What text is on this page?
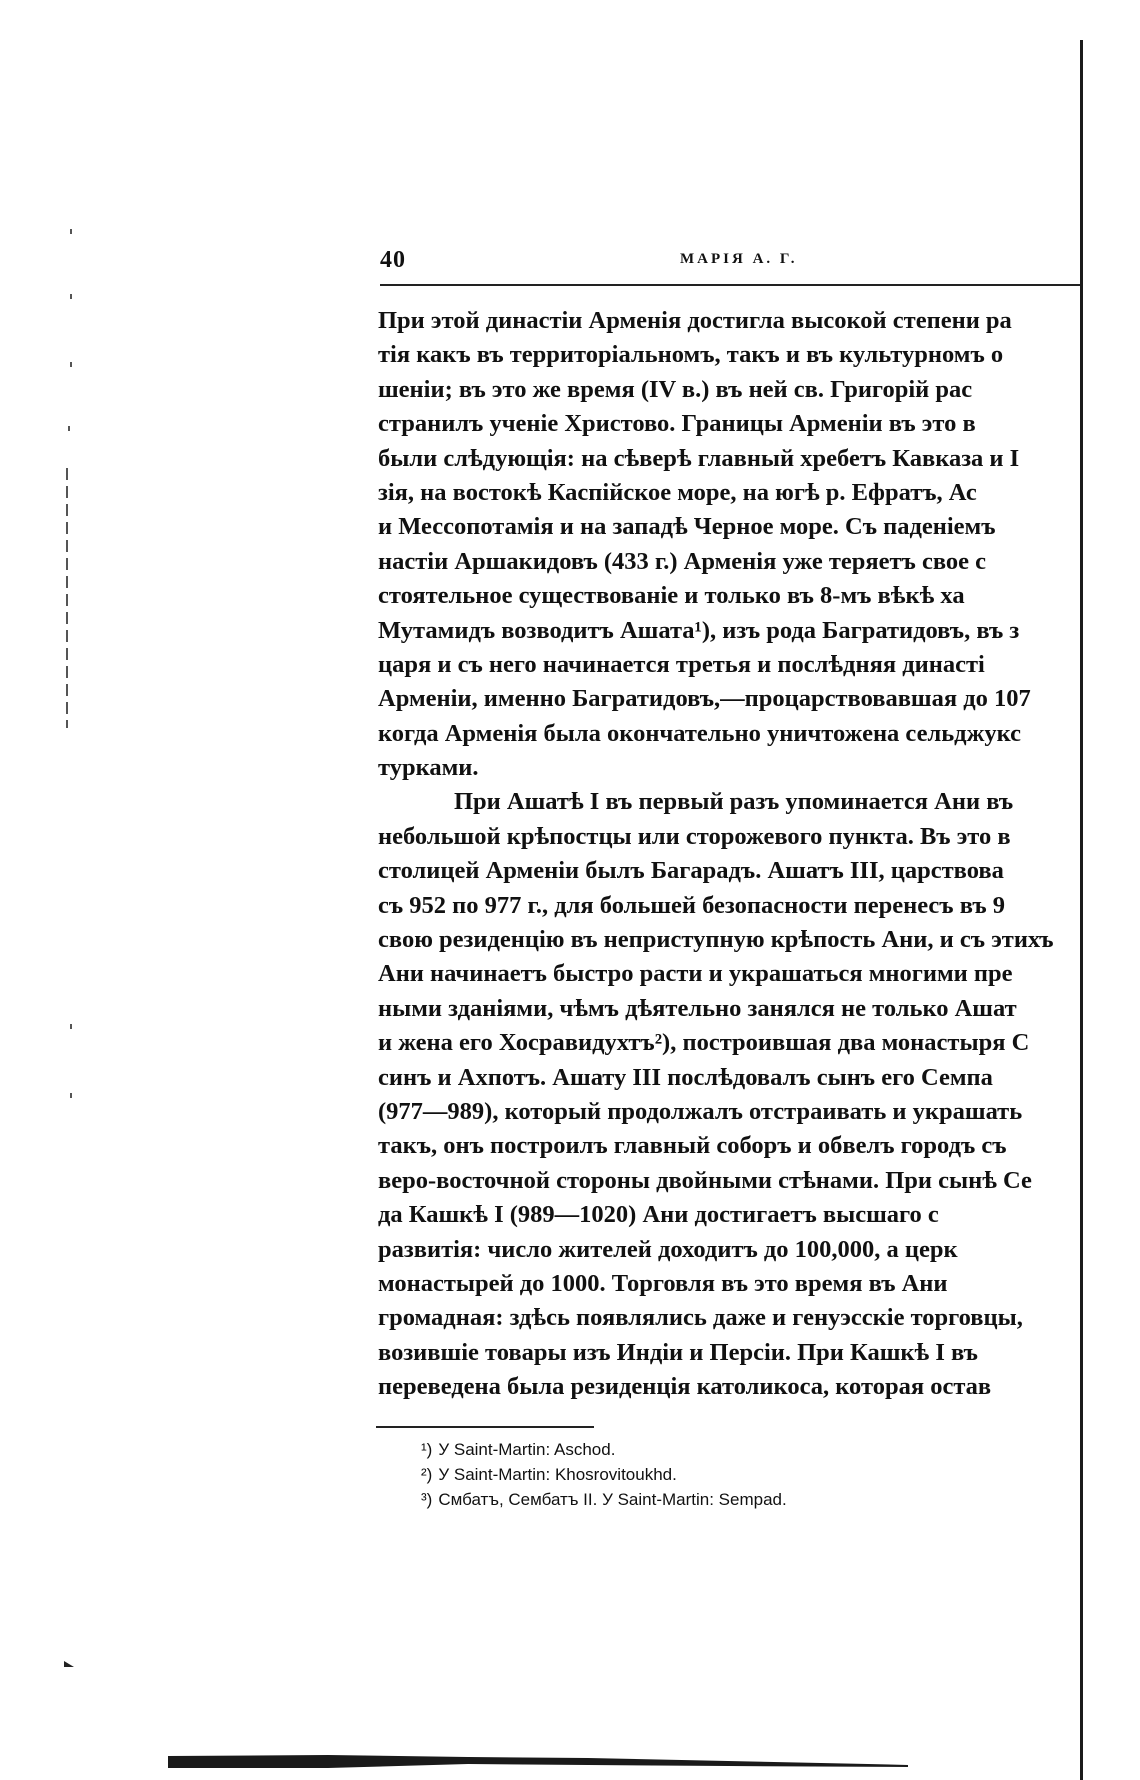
40	МАРІЯ А. Г.
При этой династіи Арменія достигла высокой степени ра
тія какъ въ территоріальномъ, такъ и въ культурномъ о
шеніи; въ это же время (IV в.) въ ней св. Григорій рас
странилъ ученіе Христово. Границы Арменіи въ это в
были слѣдующія: на сѣверѣ главный хребетъ Кавказа и I
зія, на востокѣ Каспійское море, на югѣ р. Ефратъ, Ас
и Мессопотамія и на западѣ Черное море. Съ паденіемъ
настіи Аршакидовъ (433 г.) Арменія уже теряетъ свое с
стоятельное существованіе и только въ 8-мъ вѣкѣ ха
Мутамидъ возводитъ Ашата¹), изъ рода Багратидовъ, въ з
царя и съ него начинается третья и послѣдняя династі
Арменіи, именно Багратидовъ,—процарствовавшая до 107
когда Арменія была окончательно уничтожена сельджукс
турками.
При Ашатѣ I въ первый разъ упоминается Ани въ
небольшой крѣпостцы или сторожевого пункта. Въ это в
столицей Арменіи былъ Багарадъ. Ашатъ III, царствова
съ 952 по 977 г., для большей безопасности перенесъ въ 9
свою резиденцію въ неприступную крѣпость Ани, и съ этихъ
Ани начинаетъ быстро расти и украшаться многими пре
ными зданіями, чѣмъ дѣятельно занялся не только Ашат
и жена его Хосравидухтъ²), построившая два монастыря С
синъ и Ахпотъ. Ашату III послѣдовалъ сынъ его Семпа
(977—989), который продолжалъ отстраивать и украшать
такъ, онъ построилъ главный соборъ и обвелъ городъ съ
веро-восточной стороны двойными стѣнами. При сынѣ Се
да Кашкѣ I (989—1020) Ани достигаетъ высшаго с
развитія: число жителей доходитъ до 100,000, а церк
монастырей до 1000. Торговля въ это время въ Ани
громадная: здѣсь появлялись даже и генуэсскіе торговцы,
возившіе товары изъ Индіи и Персіи. При Кашкѣ I въ
переведена была резиденція католикоса, которая остав
¹) У Saint-Martin: Aschod.
²) У Saint-Martin: Khosrovitoukhd.
³) Смбатъ, Сембатъ II. У Saint-Martin: Sempad.
